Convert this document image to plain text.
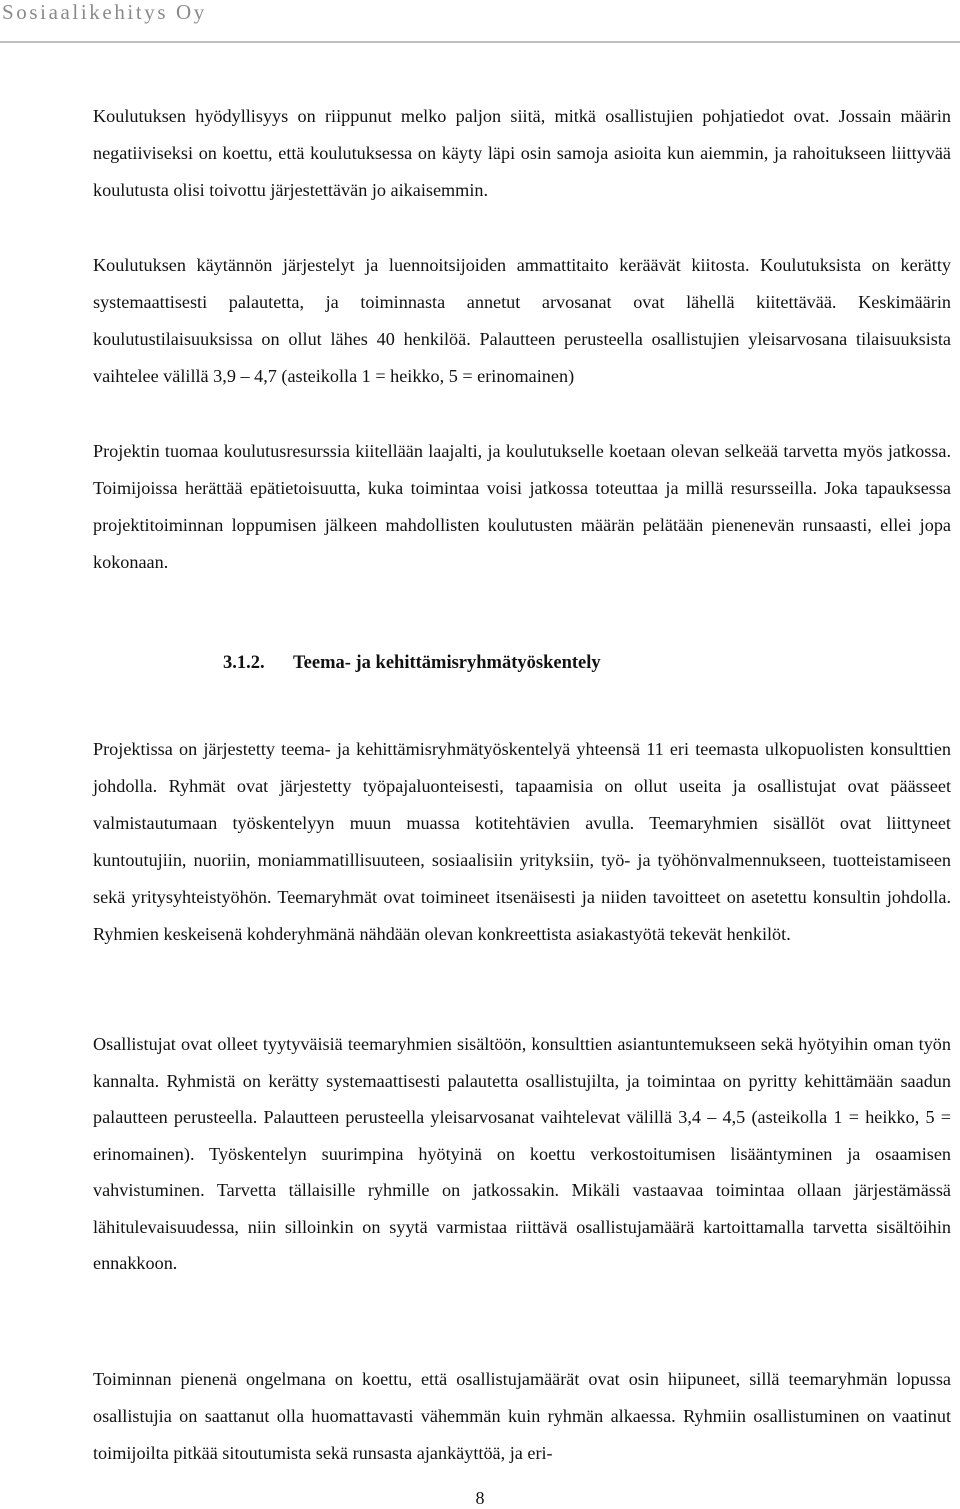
Sosiaalikehitys Oy

Koulutuksen hyödyllisyys on riippunut melko paljon siitä, mitkä osallistujien pohjatiedot ovat. Jossain määrin negatiiviseksi on koettu, että koulutuksessa on käyty läpi osin samoja asioita kun aiemmin, ja rahoitukseen liittyvää koulutusta olisi toivottu järjestettävän jo aikaisemmin.

Koulutuksen käytännön järjestelyt ja luennoitsijoiden ammattitaito keräävät kiitosta. Koulutuksista on kerätty systemaattisesti palautetta, ja toiminnasta annetut arvosanat ovat lähellä kiitettävää. Keskimäärin koulutustilaisuuksissa on ollut lähes 40 henkilöä. Palautteen perusteella osallistujien yleisarvosana tilaisuuksista vaihtelee välillä 3,9 – 4,7 (asteikolla 1 = heikko, 5 = erinomainen)

Projektin tuomaa koulutusresurssia kiitellään laajalti, ja koulutukselle koetaan olevan selkeää tarvetta myös jatkossa. Toimijoissa herättää epätietoisuutta, kuka toimintaa voisi jatkossa toteuttaa ja millä resursseilla. Joka tapauksessa projektitoiminnan loppumisen jälkeen mahdollisten koulutusten määrän pelätään pienenevän runsaasti, ellei jopa kokonaan.

3.1.2. Teema- ja kehittämisryhmätyöskentely

Projektissa on järjestetty teema- ja kehittämisryhmätyöskentelyä yhteensä 11 eri teemasta ulkopuolisten konsulttien johdolla. Ryhmät ovat järjestetty työpajaluonteisesti, tapaamisia on ollut useita ja osallistujat ovat päässeet valmistautumaan työskentelyyn muun muassa kotitehtävien avulla. Teemaryhmien sisällöt ovat liittyneet kuntoutujiin, nuoriin, moniammatillisuuteen, sosiaalisiin yrityksiin, työ- ja työhönvalmennukseen, tuotteistamiseen sekä yritysyhteistyöhön. Teemaryhmät ovat toimineet itsenäisesti ja niiden tavoitteet on asetettu konsultin johdolla. Ryhmien keskeisenä kohderyhmänä nähdään olevan konkreettista asiakastyötä tekevät henkilöt.

Osallistujat ovat olleet tyytyväisiä teemaryhmien sisältöön, konsulttien asiantuntemukseen sekä hyötyihin oman työn kannalta. Ryhmistä on kerätty systemaattisesti palautetta osallistujilta, ja toimintaa on pyritty kehittämään saadun palautteen perusteella. Palautteen perusteella yleisarvosanat vaihtelevat välillä 3,4 – 4,5 (asteikolla 1 = heikko, 5 = erinomainen). Työskentelyn suurimpina hyötyinä on koettu verkostoitumisen lisääntyminen ja osaamisen vahvistuminen. Tarvetta tällaisille ryhmille on jatkossakin. Mikäli vastaavaa toimintaa ollaan järjestämässä lähitulevaisuudessa, niin silloinkin on syytä varmistaa riittävä osallistujamäärä kartoittamalla tarvetta sisältöihin ennakkoon.

Toiminnan pienenä ongelmana on koettu, että osallistujamäärät ovat osin hiipuneet, sillä teemaryhmän lopussa osallistujia on saattanut olla huomattavasti vähemmän kuin ryhmän alkaessa. Ryhmiin osallistuminen on vaatinut toimijoilta pitkää sitoutumista sekä runsasta ajankäyttöä, ja eri-

8
